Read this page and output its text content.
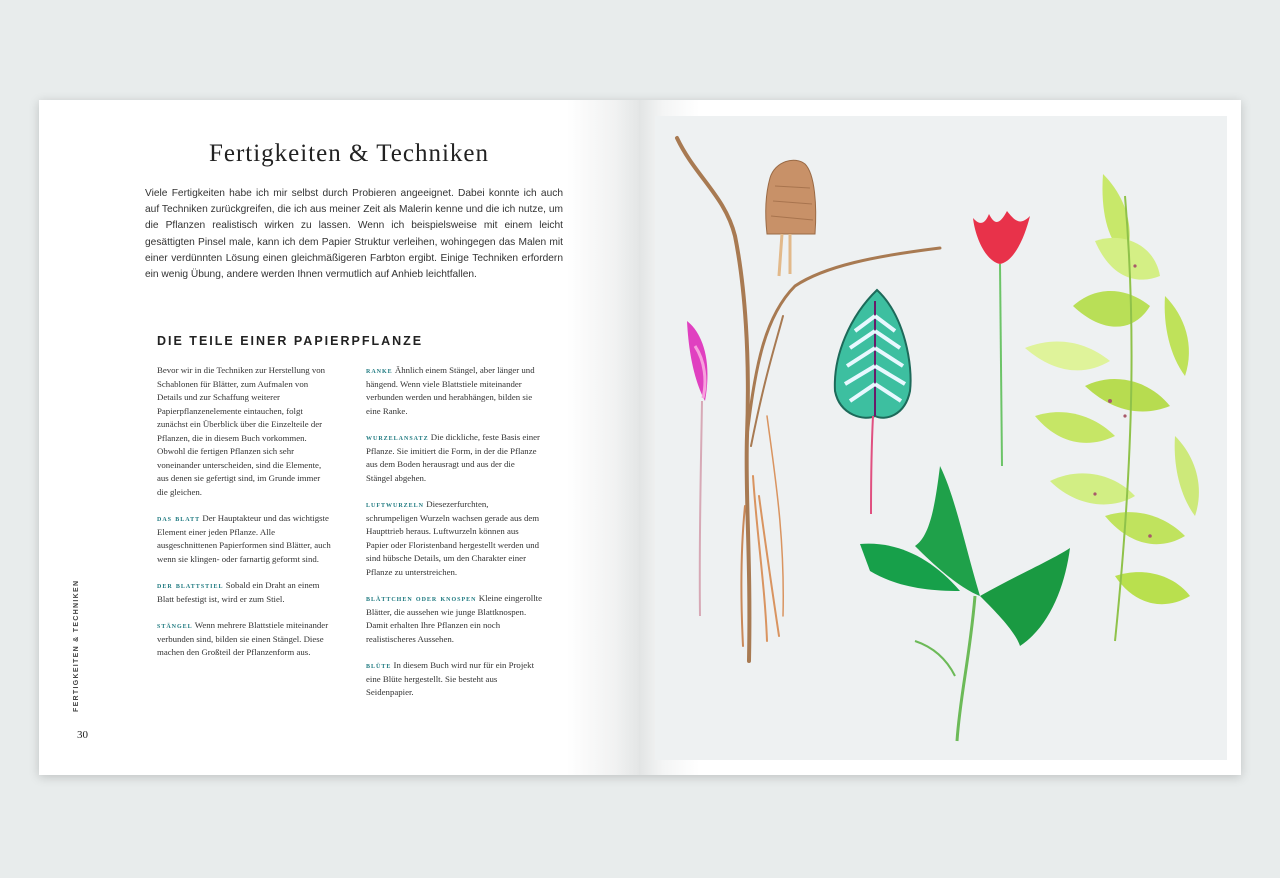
Fertigkeiten & Techniken

Viele Fertigkeiten habe ich mir selbst durch Probieren angeeignet. Dabei konnte ich auch auf Techniken zurückgreifen, die ich aus meiner Zeit als Malerin kenne und die ich nutze, um die Pflanzen realistisch wirken zu lassen. Wenn ich beispielsweise mit einem leicht gesättigten Pinsel male, kann ich dem Papier Struktur verleihen, wohingegen das Malen mit einer verdünnten Lösung einen gleichmäßigeren Farbton ergibt. Einige Techniken erfordern ein wenig Übung, andere werden Ihnen vermutlich auf Anhieb leichtfallen.

DIE TEILE EINER PAPIERPFLANZE

Bevor wir in die Techniken zur Herstellung von Schablonen für Blätter, zum Aufmalen von Details und zur Schaffung weiterer Papierpflanzenelemente eintauchen, folgt zunächst ein Überblick über die Einzelteile der Pflanzen, die in diesem Buch vorkommen. Obwohl die fertigen Pflanzen sich sehr voneinander unterscheiden, sind die Elemente, aus denen sie gefertigt sind, im Grunde immer die gleichen.

das blatt Der Hauptakteur und das wichtigste Element einer jeden Pflanze. Alle ausgeschnittenen Papierformen sind Blätter, auch wenn sie klingen- oder farnartig geformt sind.

der blattstiel Sobald ein Draht an einem Blatt befestigt ist, wird er zum Stiel.

stängel Wenn mehrere Blattstiele miteinander verbunden sind, bilden sie einen Stängel. Diese machen den Großteil der Pflanzenform aus.

ranke Ähnlich einem Stängel, aber länger und hängend. Wenn viele Blattstiele miteinander verbunden werden und herabhängen, bilden sie eine Ranke.

wurzelansatz Die dickliche, feste Basis einer Pflanze. Sie imitiert die Form, in der die Pflanze aus dem Boden herausragt und aus der die Stängel abgehen.

luftwurzeln Diesezerfurchten, schrumpeligen Wurzeln wachsen gerade aus dem Haupttrieb heraus. Luftwurzeln können aus Papier oder Floristenband hergestellt werden und sind hübsche Details, um den Charakter einer Pflanze zu unterstreichen.

blättchen oder knospen Kleine eingerollte Blätter, die aussehen wie junge Blattknospen. Damit erhalten Ihre Pflanzen ein noch realistischeres Aussehen.

blüte In diesem Buch wird nur für ein Projekt eine Blüte hergestellt. Sie besteht aus Seidenpapier.

30
